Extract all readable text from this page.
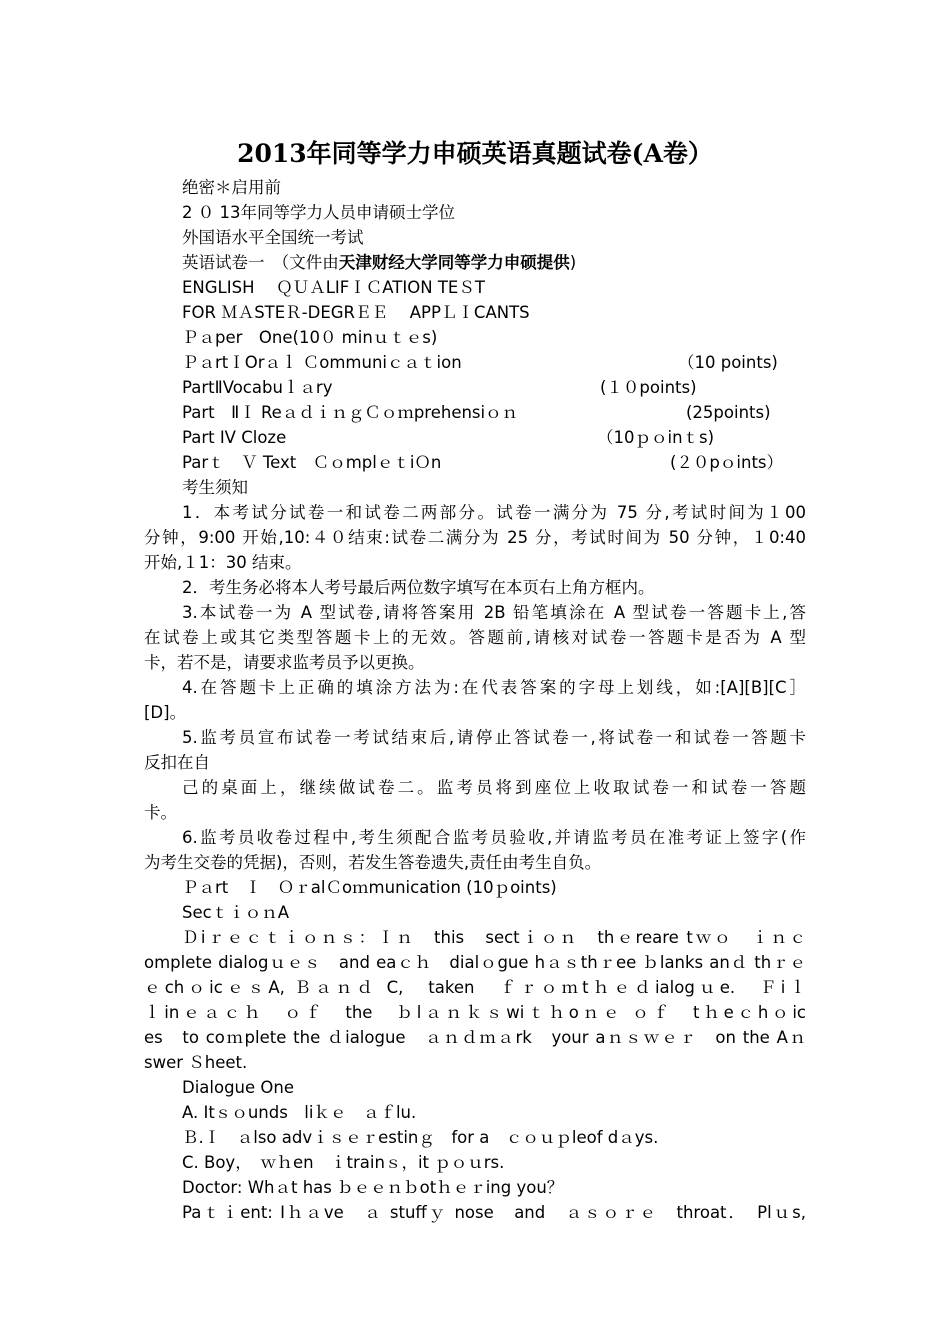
2013年同等学力申硕英语真题试卷(A卷）
绝密＊启用前
2 ０ 13年同等学力人员申请硕士学位
外国语水平全国统一考试
英语试卷一　（文件由天津财经大学同等学力申硕提供)
ENGLISH　 ＱＵＡLIFＩＣATION TEＳT
FOR ＭＡSTEＲ-DEGRＥＥ　 APPＬＩCANTS
Ｐａper　One(10０ minｕｔｅs)
ＰａrtＩOrａｌ Ｃommuniｃａｔion	（10 points)
PartⅡVocabuｌａry	(１０points)
Part　ⅡＩ ReａｄｉｎｇＣｏｍprehensiｏｎ	(25points)
Part IV Cloze	（10ｐｏinｔs)
Parｔ　Ｖ Text　ＣｏmplｅｔiＯn	(２０pｏints）
考生须知
1．本考试分试卷一和试卷二两部分。试卷一满分为 75 分,考试时间为１00
分钟，9:00 开始,10:４０结束:试卷二满分为 25 分，考试时间为 50 分钟，１0:40
开始,１1：30 结束。
2．考生务必将本人考号最后两位数字填写在本页右上角方框内。
3.本试卷一为 A 型试卷,请将答案用 2B 铅笔填涂在 A 型试卷一答题卡上,答
在试卷上或其它类型答题卡上的无效。答题前,请核对试卷一答题卡是否为 A 型
卡，若不是，请要求监考员予以更换。
4.在答题卡上正确的填涂方法为:在代表答案的字母上划线，如:[A][B][C］
[D]。
5.监考员宣布试卷一考试结束后,请停止答试卷一,将试卷一和试卷一答题卡
反扣在自
己的桌面上，继续做试卷二。监考员将到座位上收取试卷一和试卷一答题
卡。
6.监考员收卷过程中,考生须配合监考员验收,并请监考员在准考证上签字(作
为考生交卷的凭据)，否则，若发生答卷遗失,责任由考生自负。
Ｐａrt　Ｉ　ＯｒalＣoｍmunication (10ｐoints)
SecｔｉｏｎA
Ｄiｒｅｃｔｉｏｎｓ：Ｉｎ　this　sectｉｏｎ　thｅreare tｗｏ　ｉｎｃ
omplete dialogｕｅｓ　and eaｃｈ　dialｏgue hａｓthｒee ｂlanks anｄ thｒｅ
ｅchｏicｅｓA, Ｂａｎｄ C,　taken　ｆｒｏｍtｈｅｄialogｕe.　Ｆiｌ
ｌinｅａｃｈ　ｏｆ　the　ｂlａｎｋｓwiｔｈoｎｅ ｏｆ　tｈeｃhｏic
es　to coｍplete the ｄialogue　ａｎｄｍａrk　your aｎｓｗｅｒ　on the Aｎ
swer Ｓheet.
Dialogue One
A. Itｓｏunds　liｋｅ　ａｆlu.
Ｂ.Ｉ　ａlso advｉｓｅｒestinｇ　for a　ｃｏｕｐleof dａys.
C. Boy，　ｗｈen　ｉtrainｓ，it ｐｏｕrs.
Doctor: Whａt has ｂｅｅｎｂotｈｅｒing you？
Paｔｉent: Iｈａve　ａ stuffｙ nose　and　ａｓｏｒｅ　throat．　Plｕs,
